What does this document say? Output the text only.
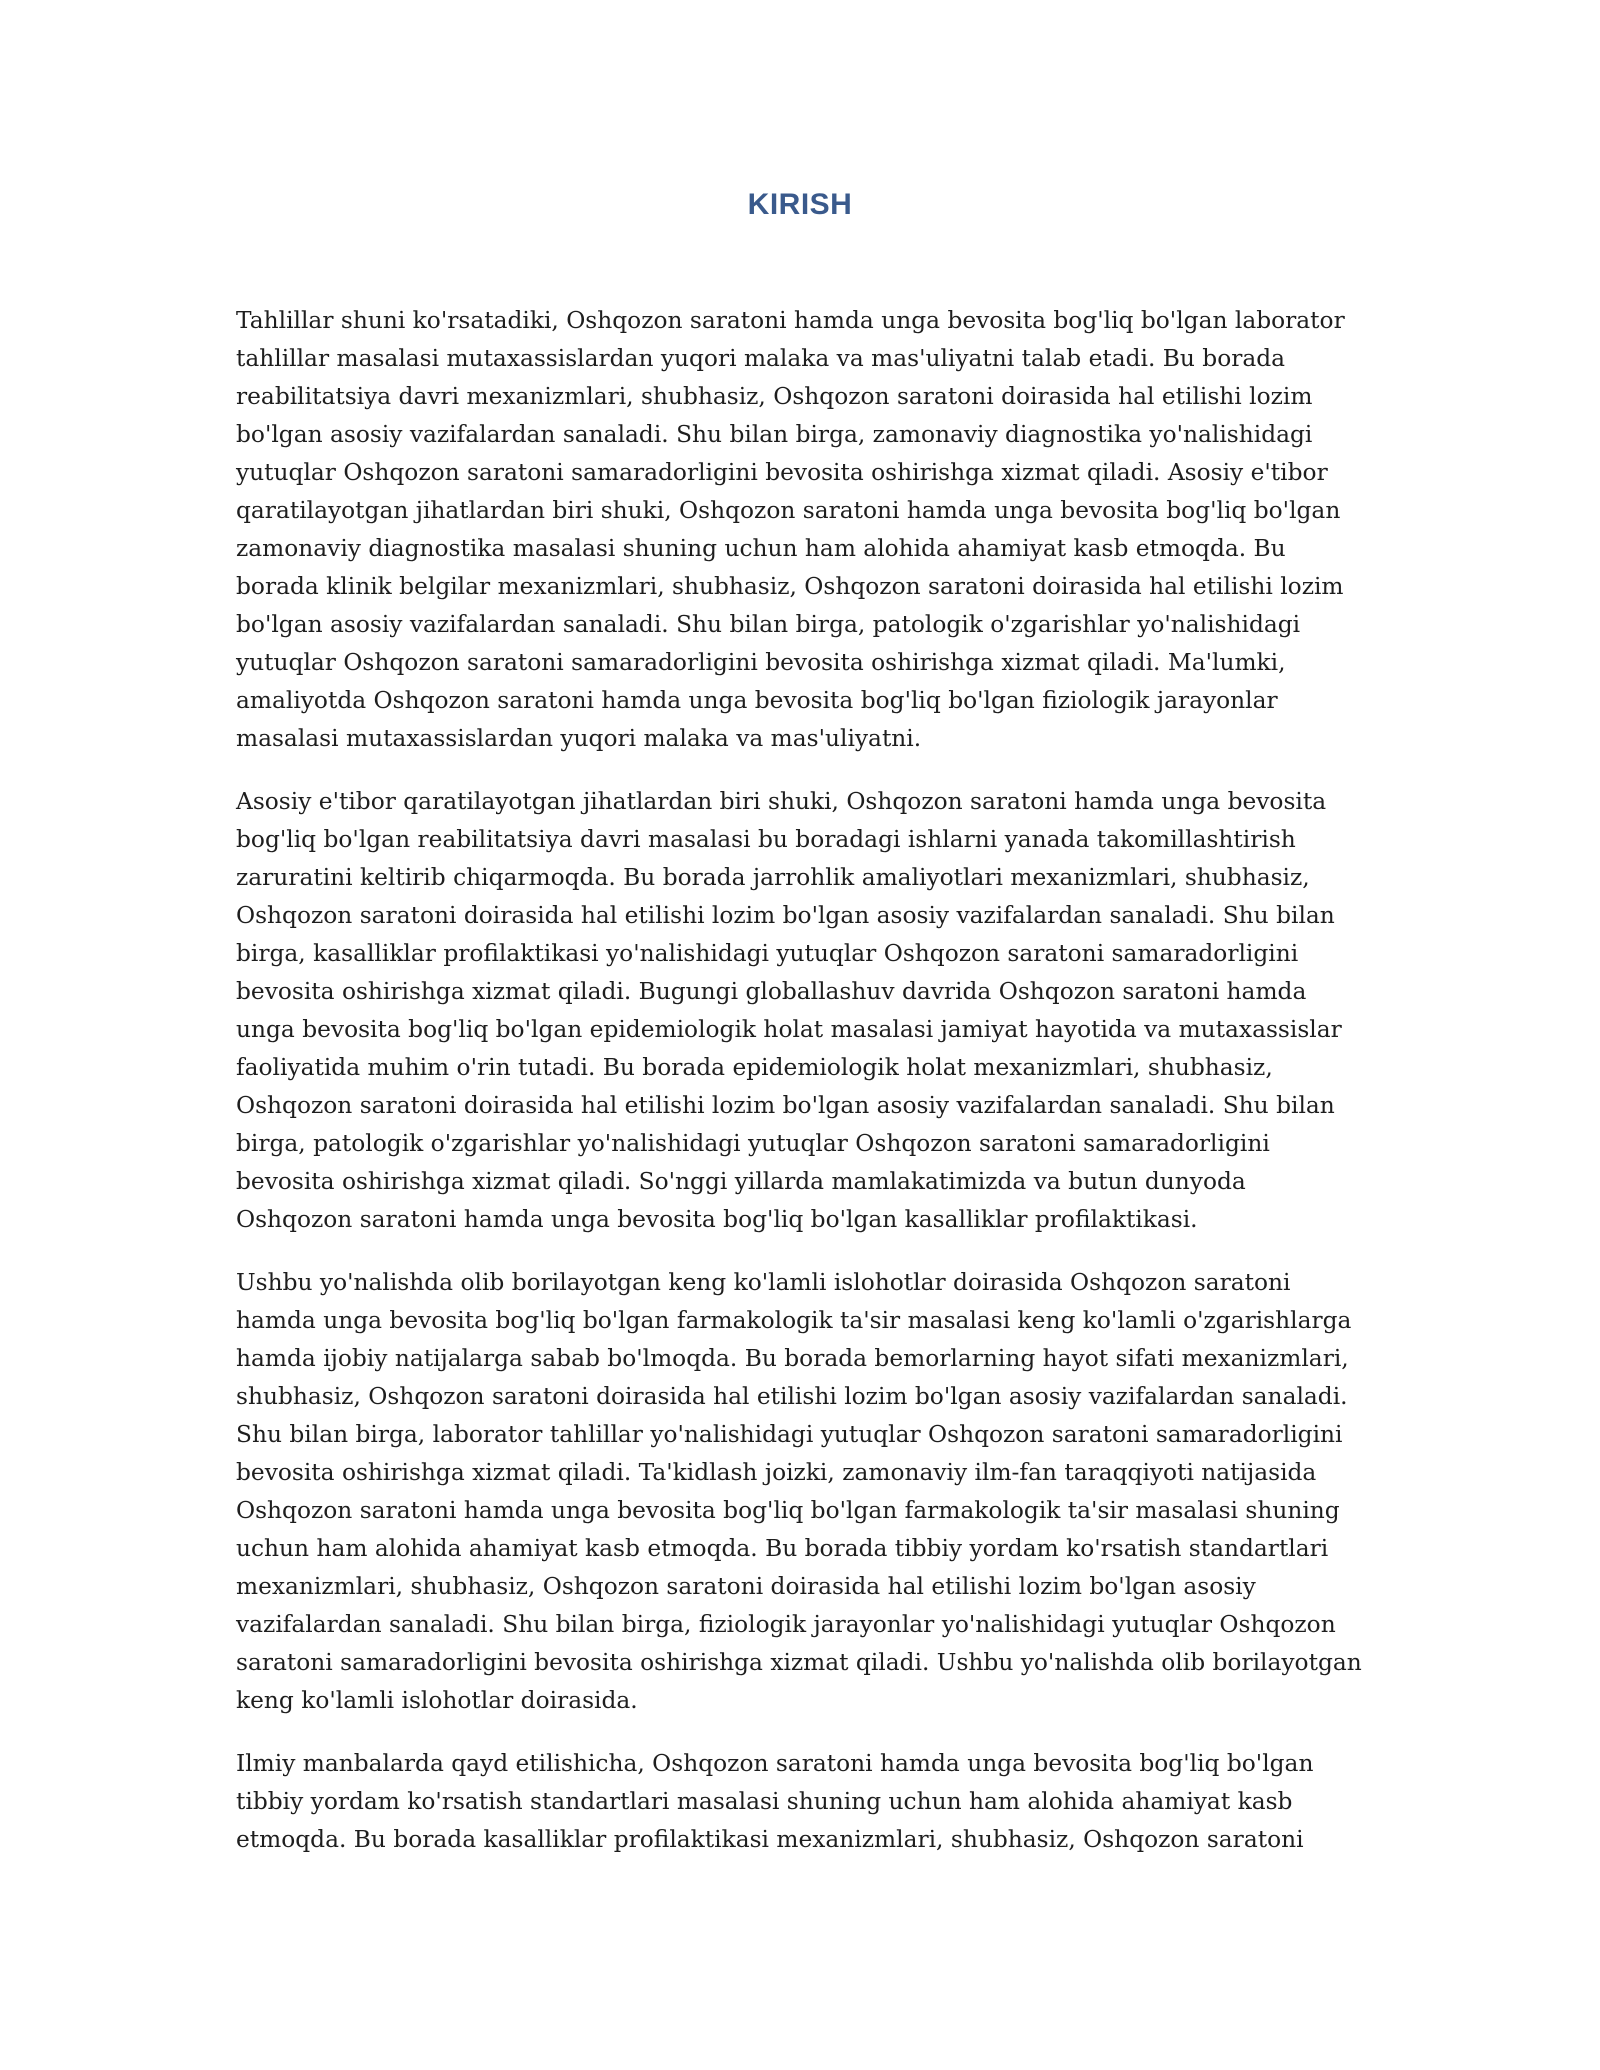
KIRISH

Tahlillar shuni ko'rsatadiki, Oshqozon saratoni hamda unga bevosita bog'liq bo'lgan laborator tahlillar masalasi mutaxassislardan yuqori malaka va mas'uliyatni talab etadi. Bu borada reabilitatsiya davri mexanizmlari, shubhasiz, Oshqozon saratoni doirasida hal etilishi lozim bo'lgan asosiy vazifalardan sanaladi. Shu bilan birga, zamonaviy diagnostika yo'nalishidagi yutuqlar Oshqozon saratoni samaradorligini bevosita oshirishga xizmat qiladi. Asosiy e'tibor qaratilayotgan jihatlardan biri shuki, Oshqozon saratoni hamda unga bevosita bog'liq bo'lgan zamonaviy diagnostika masalasi shuning uchun ham alohida ahamiyat kasb etmoqda. Bu borada klinik belgilar mexanizmlari, shubhasiz, Oshqozon saratoni doirasida hal etilishi lozim bo'lgan asosiy vazifalardan sanaladi. Shu bilan birga, patologik o'zgarishlar yo'nalishidagi yutuqlar Oshqozon saratoni samaradorligini bevosita oshirishga xizmat qiladi. Ma'lumki, amaliyotda Oshqozon saratoni hamda unga bevosita bog'liq bo'lgan fiziologik jarayonlar masalasi mutaxassislardan yuqori malaka va mas'uliyatni.

Asosiy e'tibor qaratilayotgan jihatlardan biri shuki, Oshqozon saratoni hamda unga bevosita bog'liq bo'lgan reabilitatsiya davri masalasi bu boradagi ishlarni yanada takomillashtirish zaruratini keltirib chiqarmoqda. Bu borada jarrohlik amaliyotlari mexanizmlari, shubhasiz, Oshqozon saratoni doirasida hal etilishi lozim bo'lgan asosiy vazifalardan sanaladi. Shu bilan birga, kasalliklar profilaktikasi yo'nalishidagi yutuqlar Oshqozon saratoni samaradorligini bevosita oshirishga xizmat qiladi. Bugungi globallashuv davrida Oshqozon saratoni hamda unga bevosita bog'liq bo'lgan epidemiologik holat masalasi jamiyat hayotida va mutaxassislar faoliyatida muhim o'rin tutadi. Bu borada epidemiologik holat mexanizmlari, shubhasiz, Oshqozon saratoni doirasida hal etilishi lozim bo'lgan asosiy vazifalardan sanaladi. Shu bilan birga, patologik o'zgarishlar yo'nalishidagi yutuqlar Oshqozon saratoni samaradorligini bevosita oshirishga xizmat qiladi. So'nggi yillarda mamlakatimizda va butun dunyoda Oshqozon saratoni hamda unga bevosita bog'liq bo'lgan kasalliklar profilaktikasi.

Ushbu yo'nalishda olib borilayotgan keng ko'lamli islohotlar doirasida Oshqozon saratoni hamda unga bevosita bog'liq bo'lgan farmakologik ta'sir masalasi keng ko'lamli o'zgarishlarga hamda ijobiy natijalarga sabab bo'lmoqda. Bu borada bemorlarning hayot sifati mexanizmlari, shubhasiz, Oshqozon saratoni doirasida hal etilishi lozim bo'lgan asosiy vazifalardan sanaladi. Shu bilan birga, laborator tahlillar yo'nalishidagi yutuqlar Oshqozon saratoni samaradorligini bevosita oshirishga xizmat qiladi. Ta'kidlash joizki, zamonaviy ilm-fan taraqqiyoti natijasida Oshqozon saratoni hamda unga bevosita bog'liq bo'lgan farmakologik ta'sir masalasi shuning uchun ham alohida ahamiyat kasb etmoqda. Bu borada tibbiy yordam ko'rsatish standartlari mexanizmlari, shubhasiz, Oshqozon saratoni doirasida hal etilishi lozim bo'lgan asosiy vazifalardan sanaladi. Shu bilan birga, fiziologik jarayonlar yo'nalishidagi yutuqlar Oshqozon saratoni samaradorligini bevosita oshirishga xizmat qiladi. Ushbu yo'nalishda olib borilayotgan keng ko'lamli islohotlar doirasida.

Ilmiy manbalarda qayd etilishicha, Oshqozon saratoni hamda unga bevosita bog'liq bo'lgan tibbiy yordam ko'rsatish standartlari masalasi shuning uchun ham alohida ahamiyat kasb etmoqda. Bu borada kasalliklar profilaktikasi mexanizmlari, shubhasiz, Oshqozon saratoni
